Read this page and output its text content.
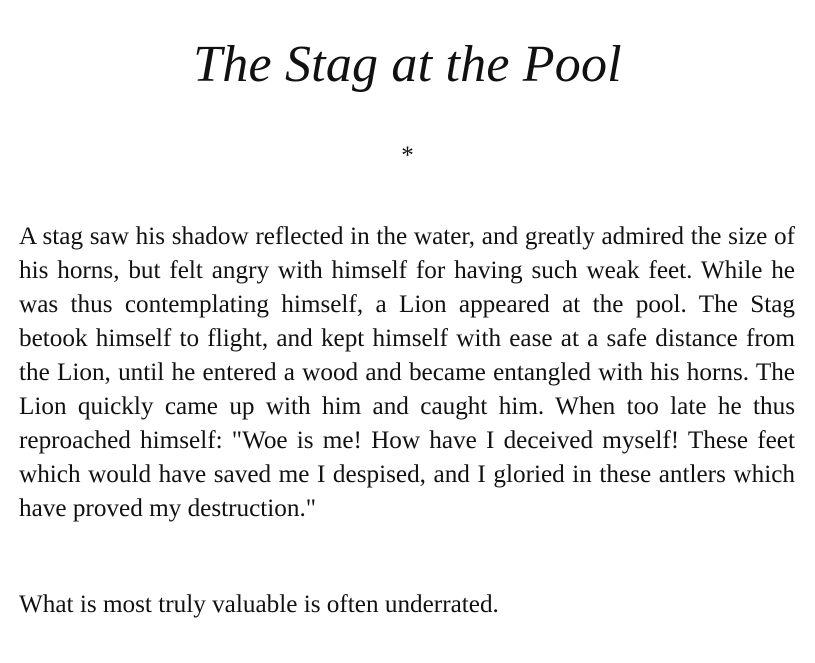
The Stag at the Pool
*

A stag saw his shadow reflected in the water, and greatly admired the size of his horns, but felt angry with himself for having such weak feet. While he was thus contemplating himself, a Lion appeared at the pool. The Stag betook himself to flight, and kept himself with ease at a safe distance from the Lion, until he entered a wood and became entangled with his horns. The Lion quickly came up with him and caught him. When too late he thus reproached himself: "Woe is me! How have I deceived myself! These feet which would have saved me I despised, and I gloried in these antlers which have proved my destruction."

What is most truly valuable is often underrated.
